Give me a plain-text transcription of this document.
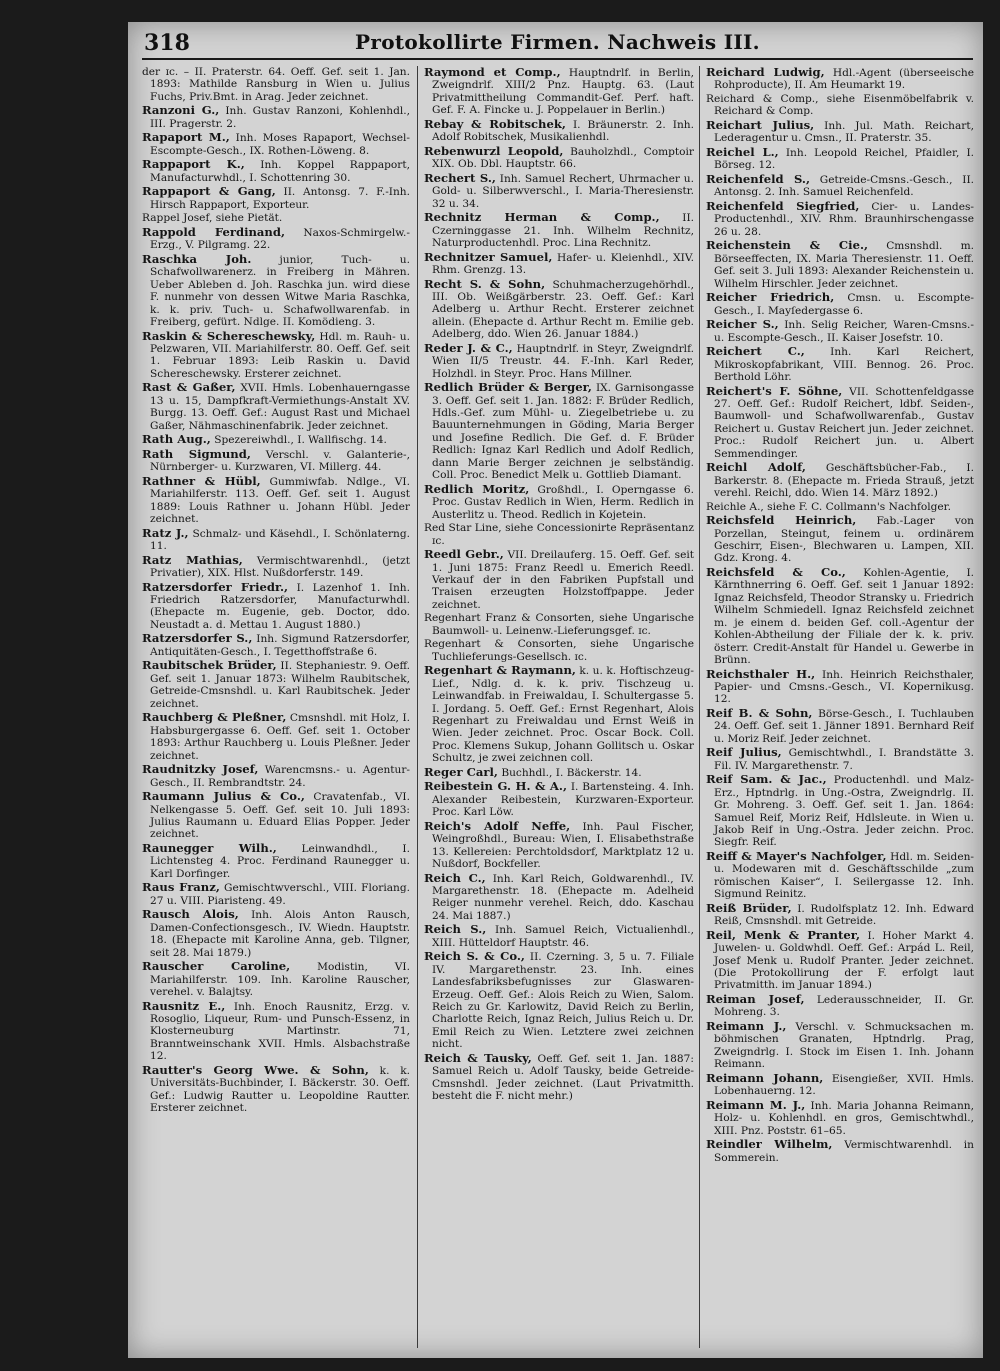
318	Protokollirte Firmen. Nachweis III.

der ɪc. – II. Praterstr. 64. Oeff. Gef. seit 1. Jan. 1893: Mathilde Ransburg in Wien u. Julius Fuchs, Priv.Bmt. in Arag. Jeder zeichnet.

Ranzoni G., Inh. Gustav Ranzoni, Kohlenhdl., III. Pragerstr. 2.

Rapaport M., Inh. Moses Rapaport, Wechsel-Escompte-Gesch., IX. Rothen-Löweng. 8.

Rappaport K., Inh. Koppel Rappaport, Manufacturwhdl., I. Schottenring 30.

Rappaport & Gang, II. Antonsg. 7. F.-Inh. Hirsch Rappaport, Exporteur.

Rappel Josef, siehe Pietät.

Rappold Ferdinand, Naxos-Schmirgelw.-Erzg., V. Pilgramg. 22.

Raschka Joh.	junior, Tuch- u. Schafwollwarenerz. in Freiberg in Mähren. Ueber Ableben d. Joh. Raschka jun. wird diese F. nunmehr von dessen Witwe Maria Raschka, k. k. priv. Tuch- u. Schafwollwarenfab. in Freiberg, gefürt. Ndlge. II. Komödieng. 3.

Raskin & Schereschewsky, Hdl. m. Rauh- u. Pelzwaren, VII. Mariahilferstr. 80. Oeff. Gef. seit 1. Februar 1893: Leib Raskin u. David Schereschewsky. Ersterer zeichnet.

Rast & Gaßer, XVII. Hmls. Lobenhauerngasse 13 u. 15, Dampfkraft-Vermiethungs-Anstalt XV. Burgg. 13. Oeff. Gef.: August Rast und Michael Gaßer, Nähmaschinenfabrik. Jeder zeichnet.

Rath Aug., Spezereiwhdl., I. Wallfischg. 14.

Rath Sigmund, Verschl. v. Galanterie-, Nürnberger- u. Kurzwaren, VI. Millerg. 44.

Rathner & Hübl, Gummiwfab. Ndlge., VI. Mariahilferstr. 113. Oeff. Gef. seit 1. August 1889: Louis Rathner u. Johann Hübl. Jeder zeichnet.

Ratz J., Schmalz- und Käsehdl., I. Schönlaterng. 11.

Ratz Mathias, Vermischtwarenhdl., (jetzt Privatier), XIX. Hlst. Nußdorferstr. 149.

Ratzersdorfer Friedr., I. Lazenhof 1. Inh. Friedrich Ratzersdorfer, Manufacturwhdl. (Ehepacte m. Eugenie, geb. Doctor, ddo. Neustadt a. d. Mettau 1. August 1880.)

Ratzersdorfer S., Inh. Sigmund Ratzersdorfer, Antiquitäten-Gesch., I. Tegetthoffstraße 6.

Raubitschek Brüder, II. Stephaniestr. 9. Oeff. Gef. seit 1. Januar 1873: Wilhelm Raubitschek, Getreide-Cmsnshdl. u. Karl Raubitschek. Jeder zeichnet.

Rauchberg & Pleßner, Cmsnshdl. mit Holz, I. Habsburgergasse 6. Oeff. Gef. seit 1. October 1893: Arthur Rauchberg u. Louis Pleßner. Jeder zeichnet.

Raudnitzky Josef, Warencmsns.- u. Agentur-Gesch., II. Rembrandtstr. 24.

Raumann Julius & Co., Cravatenfab., VI. Nelkengasse 5. Oeff. Gef. seit 10. Juli 1893: Julius Raumann u. Eduard Elias Popper. Jeder zeichnet.

Raunegger Wilh., Leinwandhdl., I. Lichtensteg 4. Proc. Ferdinand Raunegger u. Karl Dorfinger.

Raus Franz, Gemischtwverschl., VIII. Floriang. 27 u. VIII. Piaristeng. 49.

Rausch Alois, Inh. Alois Anton Rausch, Damen-Confectionsgesch., IV. Wiedn. Hauptstr. 18. (Ehepacte mit Karoline Anna, geb. Tilgner, seit 28. Mai 1879.)

Rauscher Caroline,	Modistin, VI. Mariahilferstr. 109. Inh. Karoline Rauscher, verehel. v. Balajtsy.

Rausnitz E., Inh. Enoch Rausnitz, Erzg. v. Rosoglio, Liqueur, Rum- und Punsch-Essenz, in Klosterneuburg Martinstr. 71, Branntweinschank XVII. Hmls. Alsbachstraße 12.

Rautter's Georg Wwe. & Sohn, k. k. Universitäts-Buchbinder, I. Bäckerstr. 30. Oeff. Gef.: Ludwig Rautter u. Leopoldine Rautter. Ersterer zeichnet.

Raymond et Comp., Hauptndrlf. in Berlin, Zweigndrlf. XIII/2 Pnz. Hauptg. 63. (Laut Privatmittheilung Commandit-Gef. Perf. haft. Gef. F. A. Fincke u. J. Poppelauer in Berlin.)

Rebay & Robitschek, I. Bräunerstr. 2. Inh. Adolf Robitschek, Musikalienhdl.

Rebenwurzl Leopold, Bauholzhdl., Comptoir XIX. Ob. Dbl. Hauptstr. 66.

Rechert S., Inh. Samuel Rechert, Uhrmacher u. Gold- u. Silberwverschl., I. Maria-Theresienstr. 32 u. 34.

Rechnitz Herman & Comp., II. Czerninggasse 21. Inh. Wilhelm Rechnitz, Naturproductenhdl. Proc. Lina Rechnitz.

Rechnitzer Samuel, Hafer- u. Kleienhdl., XIV. Rhm. Grenzg. 13.

Recht S. & Sohn, Schuhmacherzugehörhdl., III. Ob. Weißgärberstr. 23. Oeff. Gef.: Karl Adelberg u. Arthur Recht. Ersterer zeichnet allein. (Ehepacte d. Arthur Recht m. Emilie geb. Adelberg, ddo. Wien 26. Januar 1884.)

Reder J. & C., Hauptndrlf. in Steyr, Zweigndrlf. Wien II/5 Treustr. 44. F.-Inh. Karl Reder, Holzhdl. in Steyr. Proc. Hans Millner.

Redlich Brüder & Berger, IX. Garnisongasse 3. Oeff. Gef. seit 1. Jan. 1882: F. Brüder Redlich, Hdls.-Gef. zum Mühl- u. Ziegelbetriebe u. zu Bauunternehmungen in Göding, Maria Berger und Josefine Redlich. Die Gef. d. F. Brüder Redlich: Ignaz Karl Redlich und Adolf Redlich, dann Marie Berger zeichnen je selbständig. Coll. Proc. Benedict Melk u. Gottlieb Diamant.

Redlich Moritz, Großhdl., I. Operngasse 6. Proc. Gustav Redlich in Wien, Herm. Redlich in Austerlitz u. Theod. Redlich in Kojetein.

Red Star Line, siehe Concessionirte Repräsentanz ɪc.

Reedl Gebr., VII. Dreilauferg. 15. Oeff. Gef. seit 1. Juni 1875: Franz Reedl u. Emerich Reedl. Verkauf der in den Fabriken Pupfstall und Traisen erzeugten Holzstoffpappe. Jeder zeichnet.

Regenhart Franz & Consorten, siehe Ungarische Baumwoll- u. Leinenw.-Lieferungsgef. ɪc.

Regenhart & Consorten, siehe Ungarische Tuchlieferungs-Gesellsch. ɪc.

Regenhart & Raymann, k. u. k. Hoftischzeug-Lief., Ndlg. d. k. k. priv. Tischzeug u. Leinwandfab. in Freiwaldau, I. Schultergasse 5. I. Jordang. 5. Oeff. Gef.: Ernst Regenhart, Alois Regenhart zu Freiwaldau und Ernst Weiß in Wien. Jeder zeichnet. Proc. Oscar Bock. Coll. Proc. Klemens Sukup, Johann Gollitsch u. Oskar Schultz, je zwei zeichnen coll.

Reger Carl, Buchhdl., I. Bäckerstr. 14.

Reibestein G. H. & A., I. Bartensteing. 4. Inh. Alexander Reibestein, Kurzwaren-Exporteur. Proc. Karl Löw.

Reich's Adolf Neffe, Inh. Paul Fischer, Weingroßhdl., Bureau: Wien, I. Elisabethstraße 13. Kellereien: Perchtoldsdorf, Marktplatz 12 u. Nußdorf, Bockfeller.

Reich C., Inh. Karl Reich, Goldwarenhdl., IV. Margarethenstr. 18. (Ehepacte m. Adelheid Reiger nunmehr verehel. Reich, ddo. Kaschau 24. Mai 1887.)

Reich S., Inh. Samuel Reich, Victualienhdl., XIII. Hütteldorf Hauptstr. 46.

Reich S. & Co., II. Czerning. 3, 5 u. 7. Filiale IV. Margarethenstr. 23. Inh. eines Landesfabriksbefugnisses zur Glaswaren-Erzeug. Oeff. Gef.: Alois Reich zu Wien, Salom. Reich zu Gr. Karlowitz, David Reich zu Berlin, Charlotte Reich, Ignaz Reich, Julius Reich u. Dr. Emil Reich zu Wien. Letztere zwei zeichnen nicht.

Reich & Tausky, Oeff. Gef. seit 1. Jan. 1887: Samuel Reich u. Adolf Tausky, beide Getreide-Cmsnshdl. Jeder zeichnet. (Laut Privatmitth. besteht die F. nicht mehr.)

Reichard Ludwig, Hdl.-Agent (überseeische Rohproducte), II. Am Heumarkt 19.

Reichard & Comp., siehe Eisenmöbelfabrik v. Reichard & Comp.

Reichart Julius, Inh. Jul. Math. Reichart, Lederagentur u. Cmsn., II. Praterstr. 35.

Reichel L., Inh. Leopold Reichel, Pfaidler, I. Börseg. 12.

Reichenfeld S., Getreide-Cmsns.-Gesch., II. Antonsg. 2. Inh. Samuel Reichenfeld.

Reichenfeld Siegfried, Cier- u. Landes-Productenhdl., XIV. Rhm. Braunhirschengasse 26 u. 28.

Reichenstein & Cie., Cmsnshdl. m. Börseeffecten, IX. Maria Theresienstr. 11. Oeff. Gef. seit 3. Juli 1893: Alexander Reichenstein u. Wilhelm Hirschler. Jeder zeichnet.

Reicher Friedrich, Cmsn. u. Escompte-Gesch., I. Mayſedergasse 6.

Reicher S., Inh. Selig Reicher, Waren-Cmsns.- u. Escompte-Gesch., II. Kaiser Josefstr. 10.

Reichert C., Inh. Karl Reichert, Mikroskopfabrikant, VIII. Bennog. 26. Proc. Berthold Löhr.

Reichert's F. Söhne, VII. Schottenfeldgasse 27. Oeff. Gef.: Rudolf Reichert, ldbf. Seiden-, Baumwoll- und Schafwollwarenfab., Gustav Reichert u. Gustav Reichert jun. Jeder zeichnet. Proc.: Rudolf Reichert jun. u. Albert Semmendinger.

Reichl Adolf, Geschäftsbücher-Fab., I. Barkerstr. 8. (Ehepacte m. Frieda Strauß, jetzt verehl. Reichl, ddo. Wien 14. März 1892.)

Reichle A., siehe F. C. Collmann's Nachfolger.

Reichsfeld Heinrich, Fab.-Lager von Porzellan, Steingut, feinem u. ordinärem Geschirr, Eisen-, Blechwaren u. Lampen, XII. Gdz. Krong. 4.

Reichsfeld & Co., Kohlen-Agentie, I. Kärnthnerring 6. Oeff. Gef. seit 1 Januar 1892: Ignaz Reichsfeld, Theodor Stransky u. Friedrich Wilhelm Schmiedell. Ignaz Reichsfeld zeichnet m. je einem d. beiden Gef. coll.-Agentur der Kohlen-Abtheilung der Filiale der k. k. priv. österr. Credit-Anstalt für Handel u. Gewerbe in Brünn.

Reichsthaler H., Inh. Heinrich Reichsthaler, Papier- und Cmsns.-Gesch., VI. Kopernikusg. 12.

Reif B. & Sohn, Börse-Gesch., I. Tuchlauben 24. Oeff. Gef. seit 1. Jänner 1891. Bernhard Reif u. Moriz Reif. Jeder zeichnet.

Reif Julius, Gemischtwhdl., I. Brandstätte 3. Fil. IV. Margarethenstr. 7.

Reif Sam. & Jac., Productenhdl. und Malz-Erz., Hptndrlg. in Ung.-Ostra, Zweigndrlg. II. Gr. Mohreng. 3. Oeff. Gef. seit 1. Jan. 1864: Samuel Reif, Moriz Reif, Hdlsleute. in Wien u. Jakob Reif in Ung.-Ostra. Jeder zeichn. Proc. Siegfr. Reif.

Reiff & Mayer's Nachfolger, Hdl. m. Seiden- u. Modewaren mit d. Geschäftsschilde „zum römischen Kaiser“, I. Seilergasse 12. Inh. Sigmund Reinitz.

Reiß Brüder, I. Rudolfsplatz 12. Inh. Edward Reiß, Cmsnshdl. mit Getreide.

Reil, Menk & Pranter, I. Hoher Markt 4. Juwelen- u. Goldwhdl. Oeff. Gef.: Arpád L. Reil, Josef Menk u. Rudolf Pranter. Jeder zeichnet. (Die Protokollirung der F. erfolgt laut Privatmitth. im Januar 1894.)

Reiman Josef, Lederausschneider, II. Gr. Mohreng. 3.

Reimann J., Verschl. v. Schmucksachen m. böhmischen Granaten, Hptndrlg. Prag, Zweigndrlg. I. Stock im Eisen 1. Inh. Johann Reimann.

Reimann Johann, Eisengießer, XVII. Hmls. Lobenhauerng. 12.

Reimann M. J., Inh. Maria Johanna Reimann, Holz- u. Kohlenhdl. en gros, Gemischtwhdl., XIII. Pnz. Poststr. 61–65.

Reindler Wilhelm, Vermischtwarenhdl. in Sommerein.
